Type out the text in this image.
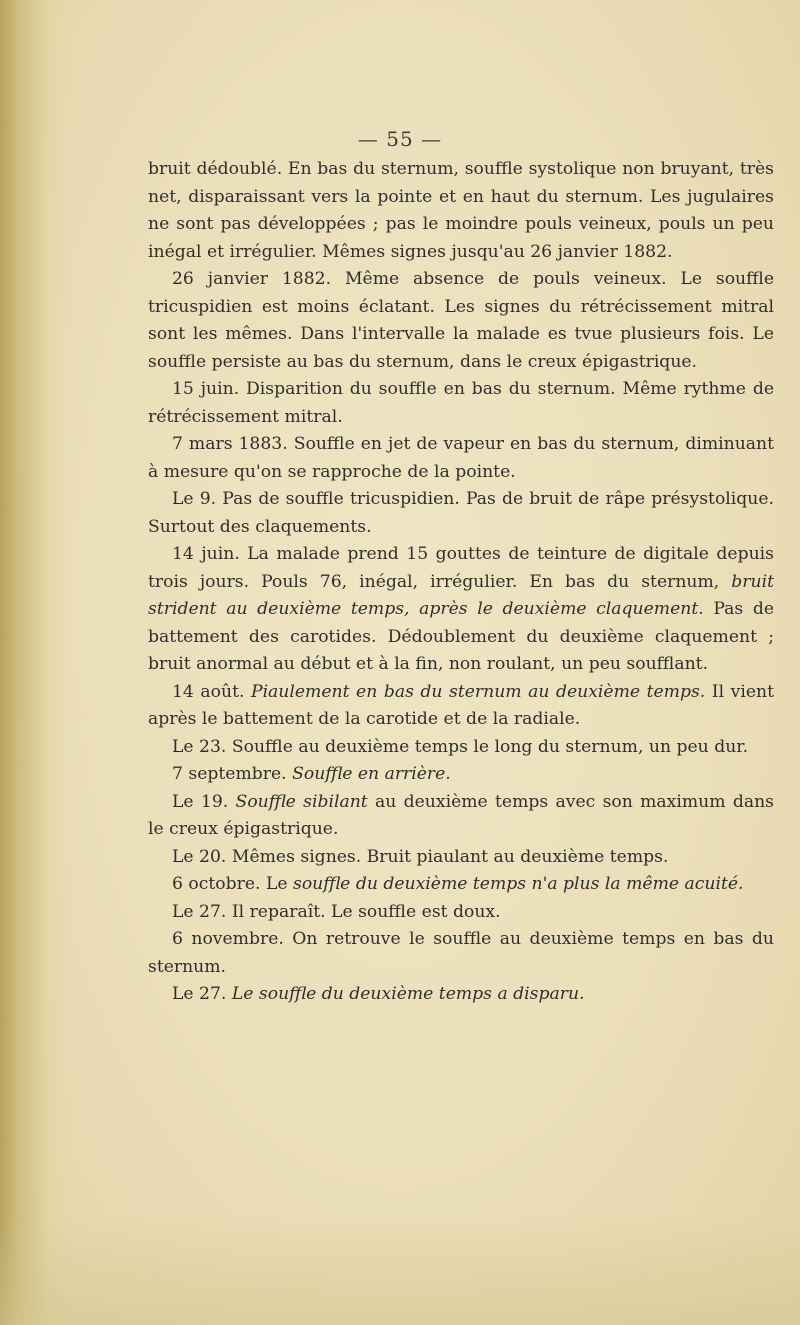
— 55 —

bruit dédoublé. En bas du sternum, souffle systolique non bruyant, très net, disparaissant vers la pointe et en haut du sternum. Les jugulaires ne sont pas développées ; pas le moindre pouls veineux, pouls un peu inégal et irrégulier. Mêmes signes jusqu'au 26 janvier 1882.

26 janvier 1882. Même absence de pouls veineux. Le souffle tricuspidien est moins éclatant. Les signes du rétrécissement mitral sont les mêmes. Dans l'intervalle la malade es tvue plusieurs fois. Le souffle persiste au bas du sternum, dans le creux épigastrique.

15 juin. Disparition du souffle en bas du sternum. Même rythme de rétrécissement mitral.

7 mars 1883. Souffle en jet de vapeur en bas du sternum, diminuant à mesure qu'on se rapproche de la pointe.

Le 9. Pas de souffle tricuspidien. Pas de bruit de râpe présystolique. Surtout des claquements.

14 juin. La malade prend 15 gouttes de teinture de digitale depuis trois jours. Pouls 76, inégal, irrégulier. En bas du sternum, bruit strident au deuxième temps, après le deuxième claquement. Pas de battement des carotides. Dédoublement du deuxième claquement ; bruit anormal au début et à la fin, non roulant, un peu soufflant.

14 août. Piaulement en bas du sternum au deuxième temps. Il vient après le battement de la carotide et de la radiale.

Le 23. Souffle au deuxième temps le long du sternum, un peu dur.

7 septembre. Souffle en arrière.

Le 19. Souffle sibilant au deuxième temps avec son maximum dans le creux épigastrique.

Le 20. Mêmes signes. Bruit piaulant au deuxième temps.

6 octobre. Le souffle du deuxième temps n'a plus la même acuité.

Le 27. Il reparaît. Le souffle est doux.

6 novembre. On retrouve le souffle au deuxième temps en bas du sternum.

Le 27. Le souffle du deuxième temps a disparu.
